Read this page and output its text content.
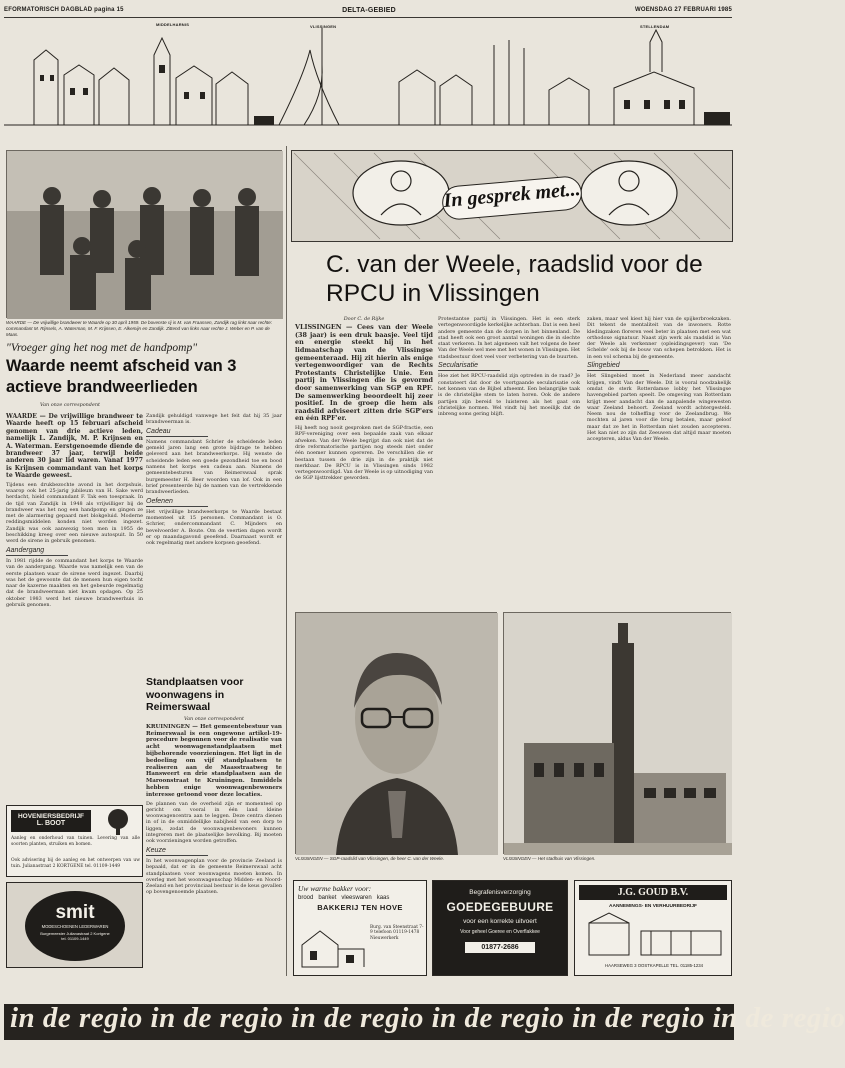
EFORMATORISCH DAGBLAD pagina 15	DELTA-GEBIED	WOENSDAG 27 FEBRUARI 1985
MIDDELHARNIS	VLISSINGEN	STELLENDAM
WAARDE — De vrijwillige brandweer te Waarde op 30 april 1959. De bovenste rij is M. van Fraassen, Zandijk rag linkt naar rechte: commandant M. Rijnsels, A. Waterman, M. F. Krijnsen, E. Alkemijn en Zandijk. Zittend van links naar rechte J. Weber en P. van de Maas.
"Vroeger ging het nog met de handpomp"
Waarde neemt afscheid van 3 actieve brandweerlieden
Van onze correspondent

WAARDE — De vrijwillige brandweer te Waarde heeft op 15 februari afscheid genomen van drie actieve leden, namelijk L. Zandijk, M. P. Krijnsen en A. Waterman. Eerstgenoemde diende de brandweer 37 jaar, terwijl beide anderen 30 jaar lid waren. Vanaf 1977 is Krijnsen commandant van het korps te Waarde geweest.

Tijdens een drukbezochte avond in het dorpshuis, waarop ook het 25-jarig jubileum van H. Sake werd herdacht, hield commandant F. Tak een toespraak. In de tijd van Zandijk in 1948 als vrijwilliger bij de brandweer was het nog een handpomp en gingen ze met de alarmering gepaard met blokgeluid. Moderne reddingsmiddelen konden niet worden ingezet. Zandijk was ook aanwezig toen men in 1955 de beschikking kreeg over een nieuwe autospuit. In 50 werd de sirene in gebruik genomen.

Aandergang

In 1981 rijdde de commandant het korps te Waarde van de aandergang. Waarde was namelijk een van de eerste plaatsen waar de sirene werd ingezet. Daarbij was het de gewoonte dat de mensen hun eigen tocht naar de kazerne maakten en het gebeurde regelmatig dat de brandweerman niet kwam opdagen. Op 25 oktober 1983 werd het nieuwe brandweerhuis in gebruik genomen.

Zandijk gehuldigd vanwege het feit dat hij 35 jaar brandweerman is.

Cadeau

Namens commandant Schrier de scheidende leden gemeld jaren lang een grote bijdrage te hebben geleverd aan het brandweerkorps. Hij wenste de scheidende leden een goede gezondheid toe en bood namens het korps een cadeau aan. Namens de gemeentebesturen van Reimerswaal sprak burgemeester H. Beer woorden van lof. Ook in een brief presenteerde hij de namen van de vertrekkende brandweerlieden.

Oefenen

Het vrijwillige brandweerkorps te Waarde bestaat momenteel uit 15 personen. Commandant is O. Schrier, ondercommandant C. Mijnders en bevelvoerder A. Boute. Om de veertien dagen wordt er op maandagavond geoefend. Daarnaast wordt er ook regelmatig met andere korpsen geoefend.

HOVENIERSBEDRIJF
L. BOOT
Aanleg en onderhoud van tuinen. Levering van alle soorten planten, struiken en bomen.
Ook advisering bij de aanleg en het ontwerpen van uw tuin. Julianastraat 2 KORTGENE tel. 01109-1449
smit
MODESCHOENEN LEDERWAREN
Burgemeester Julianastraat 2 Kortgene tel. 01109-1449
In gesprek met...
C. van der Weele, raadslid voor de RPCU in Vlissingen

Door C. de Rijke

VLISSINGEN — Cees van der Weele (38 jaar) is een druk baasje. Veel tijd en energie steekt hij in het lidmaatschap van de Vlissingse gemeenteraad. Hij zit hierin als enige vertegenwoordiger van de Rechts Protestants Christelijke Unie. Een partij in Vlissingen die is gevormd door samenwerking van SGP en RPF. De samenwerking beoordeelt hij zeer positief. In de groep die hem als raadslid adviseert zitten drie SGP'ers en één RPF'er.

Hij heeft nog nooit gesproken met de SGP-fractie, een RPF-vereniging over een bepaalde zaak van elkaar afweken. Van der Weele begrijpt dan ook niet dat de drie reformatorische partijen nog steeds niet onder één noemer kunnen opereren. De verschillen die er bestaan tussen de drie zijn in de praktijk niet merkbaar. De RPCU is in Vlissingen sinds 1982 vertegenwoordigd. Van der Weele is op uitnodiging van de SGP lijsttrekker geworden.

Protestantse partij in Vlissingen. Het is een sterk vertegenwoordigde kerkelijke achterban. Dat is een heel andere gemeente dan de dorpen in het binnenland. De stad heeft ook een groot aantal woningen die in slechte staat verkeren. In het algemeen valt het volgens de heer Van der Weele wel mee met het wonen in Vlissingen. Het stadsbestuur doet veel voor verbetering van de buurten.

Secularisatie

Hoe ziet het RPCU-raadslid zijn optreden in de raad? Je constateert dat door de voortgaande secularisatie ook het kennen van de Bijbel afneemt. Een belangrijke taak is de christelijke stem te laten horen. Ook de andere partijen zijn bereid te luisteren als het gaat om christelijke normen. Wel vindt hij het moeilijk dat de inbreng soms gering blijft.

zaken, maar wel kiest hij hier van de spijkerbroekzaken. Dit tekent de mentaliteit van de inwoners. Rotte kledingzaken floreren veel beter in plaatsen met een wat orthodoxe signatuur. Naast zijn werk als raadslid is Van der Weele als verkenner (opleidingsgever) van 'De Schelde' ook bij de bouw van schepen betrokken. Het is in een vol schema bij de gemeente.

Slingebied

Het Slingebied moet in Nederland meer aandacht krijgen, vindt Van der Weele. Dit is vooral noodzakelijk omdat de sterk Rotterdamse lobby het Vlissingse havengebied parten speelt. De omgeving van Rotterdam krijgt meer aandacht dan de aanpalende wingewesten waar Zeeland behoort. Zeeland wordt achtergesteld. Neem nou de tolheffing voor de Zeelandbrug. We mochten al jaren voor die brug betalen, maar geloof maar dat ze het in Rotterdam niet zouden accepteren. Het kan niet zo zijn dat Zeeuwen dat altijd maar moeten accepteren, aldus Van der Weele.

VLISSINGEN — SGP-raadslid van Vlissingen, de heer C. van der Weele.	VLISSINGEN — Het stadhuis van Vlissingen.
Standplaatsen voor woonwagens in Reimerswaal
Van onze correspondent

KRUININGEN — Het gemeentebestuur van Reimerswaal is een ongewone artikel-19-procedure begonnen voor de realisatie van acht woonwagenstandplaatsen met bijbehorende voorzieningen. Het ligt in de bedoeling om vijf standplaatsen te realiseren aan de Maasstraatweg te Hansweert en drie standplaatsen aan de Maroonstraat te Kruiningen. Inmiddels hebben enige woonwagenbewoners interesse getoond voor deze locaties.

De plannen van de overheid zijn er momenteel op gericht om vooral in één land kleine woonwagencentra aan te leggen. Deze centra dienen in of in de onmiddellijke nabijheid van een dorp te liggen, zodat de woonwagenbewoners kunnen integreren met de plaatselijke bevolking. Bij moeten ook voorzieningen worden getroffen.

Keuze

In het woonwagenplan voor de provincie Zeeland is bepaald, dat er in de gemeente Reimerswaal acht standplaatsen voor woonwagens moeten komen. In overleg met het woonwagenschap Midden- en Noord-Zeeland en het provinciaal bestuur is de keus gevallen op bovengenoemde plaatsen.	Uw warme bakker voor:
brood   banket   vleeswaren   kaas
BAKKERIJ TEN HOVE
Burg. van Steenstraat 7-9 telefoon 01119-1478 Nieuwerkerk
Begrafenisverzorging
GOEDEGEBUURE
voor een korrekte uitvoert
Voor geheel Goeree en Overflakkee
01877-2686
J.G. GOUD B.V.
AANNEMINGS- EN VERHUURBEDRIJF
HAARSEWEG 3 OOSTKAPELLE TEL. 01185-1234
in de regio in de regio in de regio in de regio in de regio in de regio
